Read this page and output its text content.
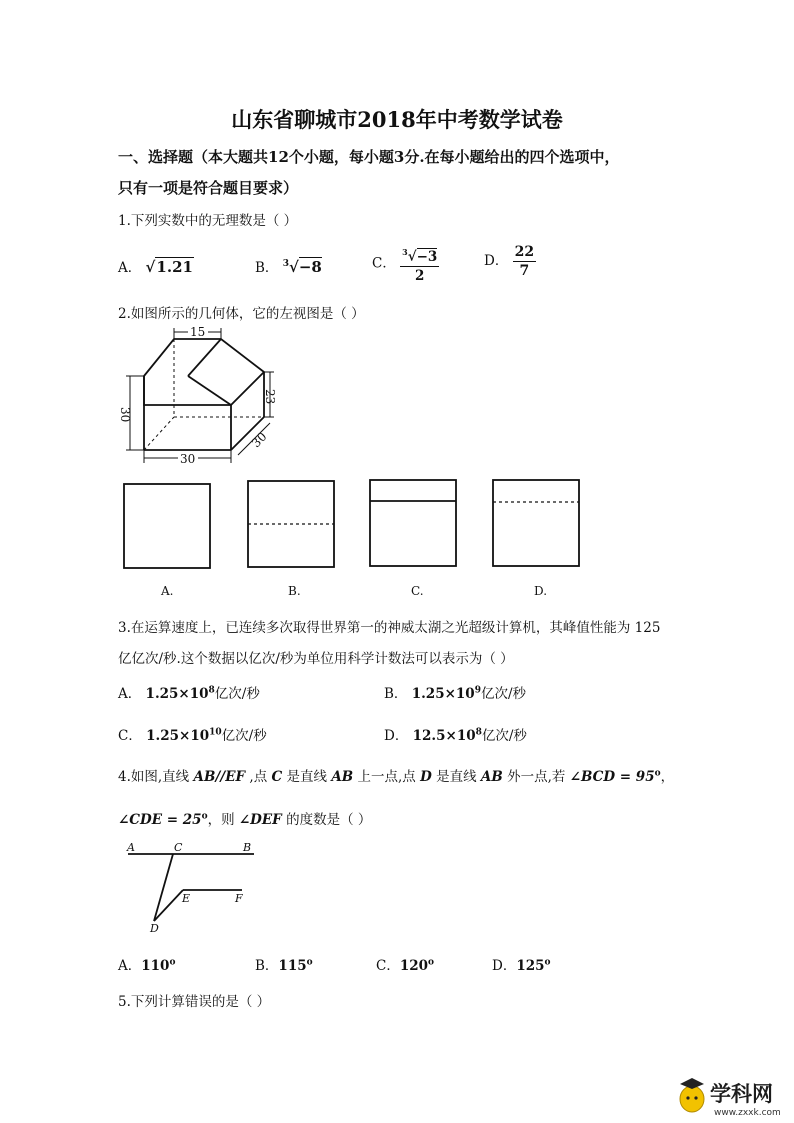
山东省聊城市2018年中考数学试卷
一、选择题（本大题共12个小题，每小题3分.在每小题给出的四个选项中，
只有一项是符合题目要求）
1.下列实数中的无理数是（ ）
A． √1.21	B． $^3$√−8	C． $\frac{^3√-3}{2}$	D． $\frac{22}{7}$
2.如图所示的几何体，它的左视图是（ ）
15
30
23
30
30
A.	B.	C.	D.
3.在运算速度上，已连续多次取得世界第一的神威太湖之光超级计算机，其峰值性能为 125
亿亿次/秒.这个数据以亿次/秒为单位用科学计数法可以表示为（ ）
A． $1.25\times 10^8$亿次/秒	B． $1.25\times 10^9$亿次/秒
C． $1.25\times 10^{10}$亿次/秒	D． $12.5\times 10^8$亿次/秒
4.如图,直线 AB//EF ,点 C 是直线 AB 上一点,点 D 是直线 AB 外一点,若 ∠BCD = $95^o$，
∠CDE = $25^o$，则 ∠DEF 的度数是（ ）
A	C	B
E	F
D
A．110$^o$	B．115$^o$	C．120$^o$	D．125$^o$
5.下列计算错误的是（ ）
学科网
www.zxxk.com
